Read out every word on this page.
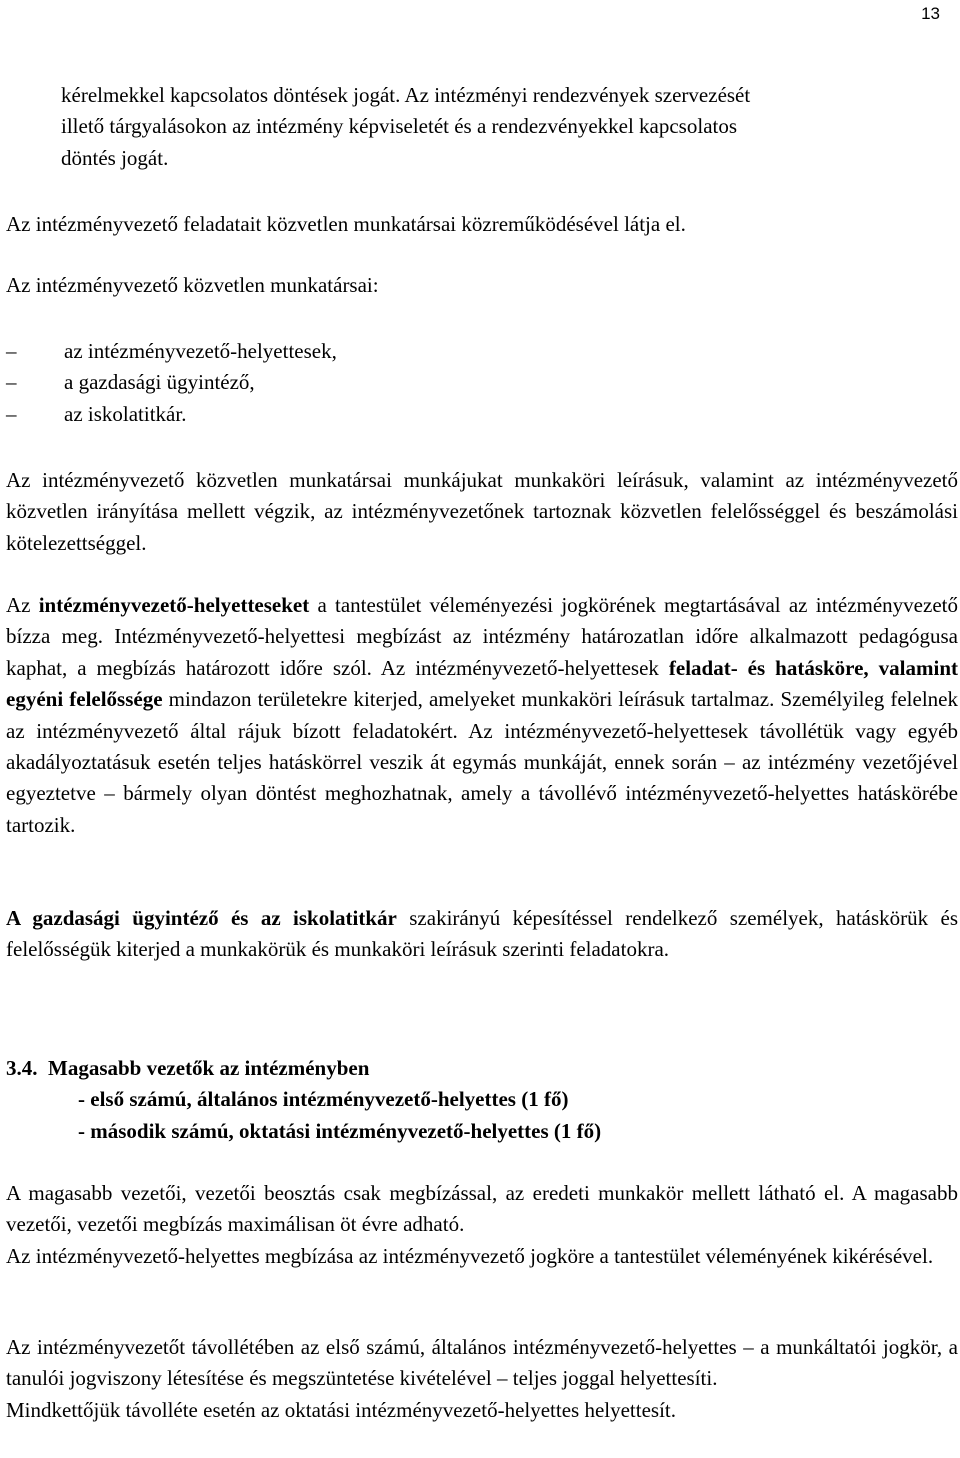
13

kérelmekkel kapcsolatos döntések jogát. Az intézményi rendezvények szervezését

illető tárgyalásokon az intézmény képviseletét és a rendezvényekkel kapcsolatos

döntés jogát.

Az intézményvezető feladatait közvetlen munkatársai közreműködésével látja el.

Az intézményvezető közvetlen munkatársai:

– az intézményvezető-helyettesek,
– a gazdasági ügyintéző,
– az iskolatitkár.

Az intézményvezető közvetlen munkatársai munkájukat munkaköri leírásuk, valamint az intézményvezető közvetlen irányítása mellett végzik, az intézményvezetőnek tartoznak közvetlen felelősséggel és beszámolási kötelezettséggel.

Az intézményvezető-helyetteseket a tantestület véleményezési jogkörének megtartásával az intézményvezető bízza meg. Intézményvezető-helyettesi megbízást az intézmény határozatlan időre alkalmazott pedagógusa kaphat, a megbízás határozott időre szól. Az intézményvezető-helyettesek feladat- és hatásköre, valamint egyéni felelőssége mindazon területekre kiterjed, amelyeket munkaköri leírásuk tartalmaz. Személyileg felelnek az intézményvezető által rájuk bízott feladatokért. Az intézményvezető-helyettesek távollétük vagy egyéb akadályoztatásuk esetén teljes hatáskörrel veszik át egymás munkáját, ennek során – az intézmény vezetőjével egyeztetve – bármely olyan döntést meghozhatnak, amely a távollévő intézményvezető-helyettes hatáskörébe tartozik.

A gazdasági ügyintéző és az iskolatitkár szakirányú képesítéssel rendelkező személyek, hatáskörük és felelősségük kiterjed a munkakörük és munkaköri leírásuk szerinti feladatokra.

3.4. Magasabb vezetők az intézményben
- első számú, általános intézményvezető-helyettes (1 fő)
- második számú, oktatási intézményvezető-helyettes (1 fő)

A magasabb vezetői, vezetői beosztás csak megbízással, az eredeti munkakör mellett látható el. A magasabb vezetői, vezetői megbízás maximálisan öt évre adható.

Az intézményvezető-helyettes megbízása az intézményvezető jogköre a tantestület véleményének kikérésével.

Az intézményvezetőt távollétében az első számú, általános intézményvezető-helyettes – a munkáltatói jogkör, a tanulói jogviszony létesítése és megszüntetése kivételével – teljes joggal helyettesíti.

Mindkettőjük távolléte esetén az oktatási intézményvezető-helyettes helyettesít.
